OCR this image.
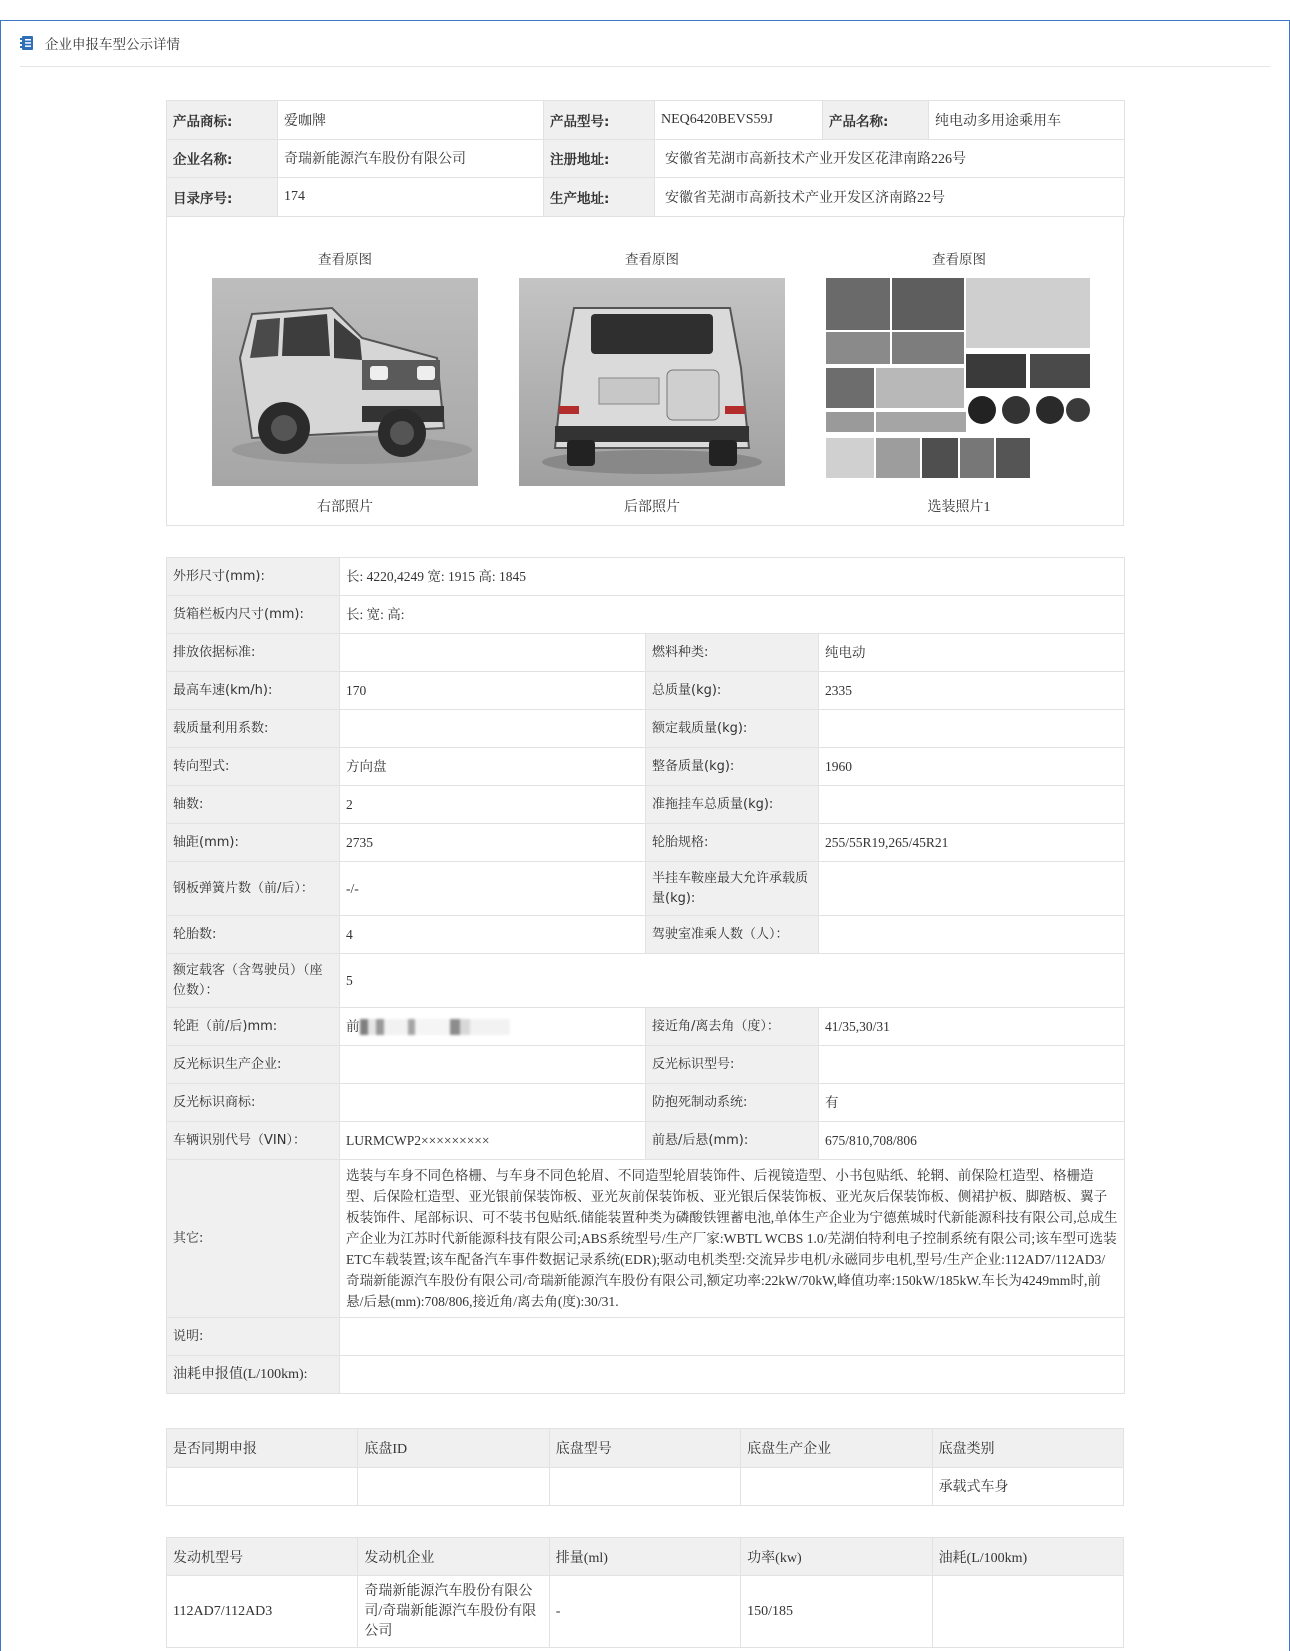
企业申报车型公示详情
产品商标:	爱咖牌	产品型号:	NEQ6420BEVS59J	产品名称:	纯电动多用途乘用车
企业名称:	奇瑞新能源汽车股份有限公司	注册地址:	安徽省芜湖市高新技术产业开发区花津南路226号		
目录序号:	174	生产地址:	安徽省芜湖市高新技术产业开发区济南路22号		
查看原图
右部照片
查看原图
后部照片
查看原图
选装照片1
外形尺寸(mm):	长: 4220,4249 宽: 1915 高: 1845		
货箱栏板内尺寸(mm):	长: 宽: 高:		
排放依据标准:		燃料种类:	纯电动
最高车速(km/h):	170	总质量(kg):	2335
载质量利用系数:		额定载质量(kg):	
转向型式:	方向盘	整备质量(kg):	1960
轴数:	2	准拖挂车总质量(kg):	
轴距(mm):	2735	轮胎规格:	255/55R19,265/45R21
钢板弹簧片数（前/后）：	-/-	半挂车鞍座最大允许承载质量(kg):	
轮胎数:	4	驾驶室准乘人数（人）：	
额定载客（含驾驶员）（座位数）：	5		
轮距（前/后)mm:	前	接近角/离去角（度）：	41/35,30/31
反光标识生产企业:		反光标识型号:	
反光标识商标:		防抱死制动系统:	有
车辆识别代号（VIN）：	LURMCWP2×××××××××	前悬/后悬(mm):	675/810,708/806
其它:	选装与车身不同色格栅、与车身不同色轮眉、不同造型轮眉装饰件、后视镜造型、小书包贴纸、轮辋、前保险杠造型、格栅造型、后保险杠造型、亚光银前保装饰板、亚光灰前保装饰板、亚光银后保装饰板、亚光灰后保装饰板、侧裙护板、脚踏板、翼子板装饰件、尾部标识、可不装书包贴纸.储能装置种类为磷酸铁锂蓄电池,单体生产企业为宁德蕉城时代新能源科技有限公司,总成生产企业为江苏时代新能源科技有限公司;ABS系统型号/生产厂家:WBTL WCBS 1.0/芜湖伯特利电子控制系统有限公司;该车型可选装ETC车载装置;该车配备汽车事件数据记录系统(EDR);驱动电机类型:交流异步电机/永磁同步电机,型号/生产企业:112AD7/112AD3/奇瑞新能源汽车股份有限公司/奇瑞新能源汽车股份有限公司,额定功率:22kW/70kW,峰值功率:150kW/185kW.车长为4249mm时,前悬/后悬(mm):708/806,接近角/离去角(度):30/31.		
说明:			
油耗申报值(L/100km):			
是否同期申报	底盘ID	底盘型号	底盘生产企业	底盘类别
				承载式车身
发动机型号	发动机企业	排量(ml)	功率(kw)	油耗(L/100km)
112AD7/112AD3	奇瑞新能源汽车股份有限公司/奇瑞新能源汽车股份有限公司	-	150/185	
